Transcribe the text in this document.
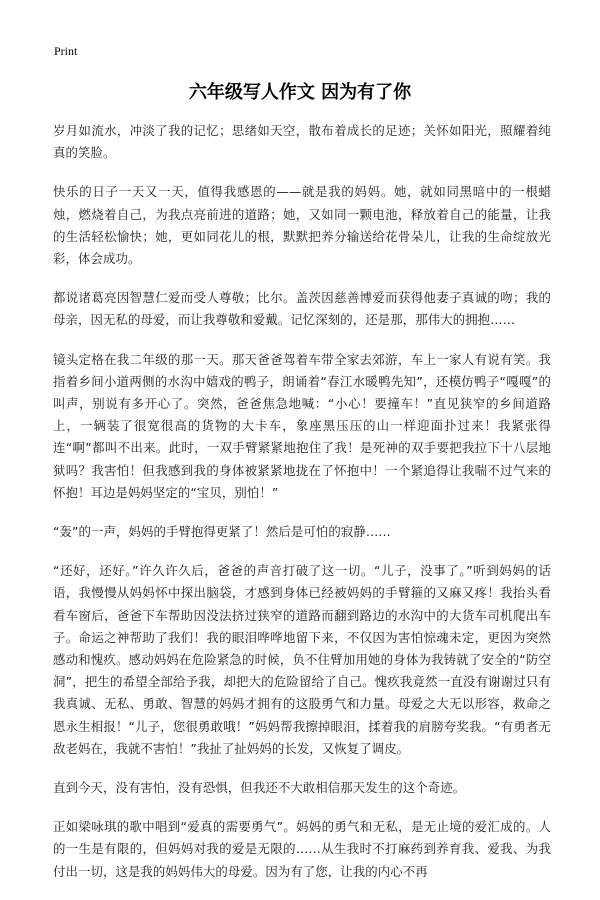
Print
六年级写人作文 因为有了你

岁月如流水，冲淡了我的记忆；思绪如天空，散布着成长的足迹；关怀如阳光，照耀着纯真的笑脸。

快乐的日子一天又一天，值得我感恩的——就是我的妈妈。她，就如同黑暗中的一根蜡烛，燃烧着自己，为我点亮前进的道路；她，又如同一颗电池，释放着自己的能量，让我的生活轻松愉快；她，更如同花儿的根，默默把养分输送给花骨朵儿，让我的生命绽放光彩，体会成功。

都说诸葛亮因智慧仁爱而受人尊敬；比尔。盖茨因慈善博爱而获得他妻子真诚的吻；我的母亲，因无私的母爱，而让我尊敬和爱戴。记忆深刻的，还是那，那伟大的拥抱……

镜头定格在我二年级的那一天。那天爸爸驾着车带全家去郊游，车上一家人有说有笑。我指着乡间小道两侧的水沟中嬉戏的鸭子，朗诵着“春江水暖鸭先知”，还模仿鸭子“嘎嘎”的叫声，别说有多开心了。突然，爸爸焦急地喊：“小心！要撞车！”直见狭窄的乡间道路上，一辆装了很宽很高的货物的大卡车，象座黑压压的山一样迎面扑过来！我紧张得连“啊”都叫不出来。此时，一双手臂紧紧地抱住了我！是死神的双手要把我拉下十八层地狱吗？我害怕！但我感到我的身体被紧紧地拢在了怀抱中！一个紧追得让我喘不过气来的怀抱！耳边是妈妈坚定的“宝贝，别怕！”

“轰”的一声，妈妈的手臂抱得更紧了！然后是可怕的寂静……

“还好，还好。”许久许久后，爸爸的声音打破了这一切。“儿子，没事了。”听到妈妈的话语，我慢慢从妈妈怀中探出脑袋，才感到身体已经被妈妈的手臂箍的又麻又疼！我抬头看看车窗后，爸爸下车帮助因没法挤过狭窄的道路而翻到路边的水沟中的大货车司机爬出车子。命运之神帮助了我们！我的眼泪哗哗地留下来，不仅因为害怕惊魂未定，更因为突然感动和愧疚。感动妈妈在危险紧急的时候，负不住臂加用她的身体为我铸就了安全的“防空洞”，把生的希望全部给予我，却把大的危险留给了自己。愧疚我竟然一直没有谢谢过只有我真诚、无私、勇敢、智慧的妈妈才拥有的这股勇气和力量。母爱之大无以形容，救命之恩永生相报！“儿子，您很勇敢哦！”妈妈帮我擦掉眼泪，揉着我的肩膀夸奖我。“有勇者无敌老妈在，我就不害怕！”我扯了扯妈妈的长发，又恢复了调皮。

直到今天，没有害怕，没有恐惧，但我还不大敢相信那天发生的这个奇迹。

正如梁咏琪的歌中唱到“爱真的需要勇气”。妈妈的勇气和无私，是无止境的爱汇成的。人的一生是有限的，但妈妈对我的爱是无限的……从生我时不打麻药到养育我、爱我、为我付出一切，这是我的妈妈伟大的母爱。因为有了您，让我的内心不再
